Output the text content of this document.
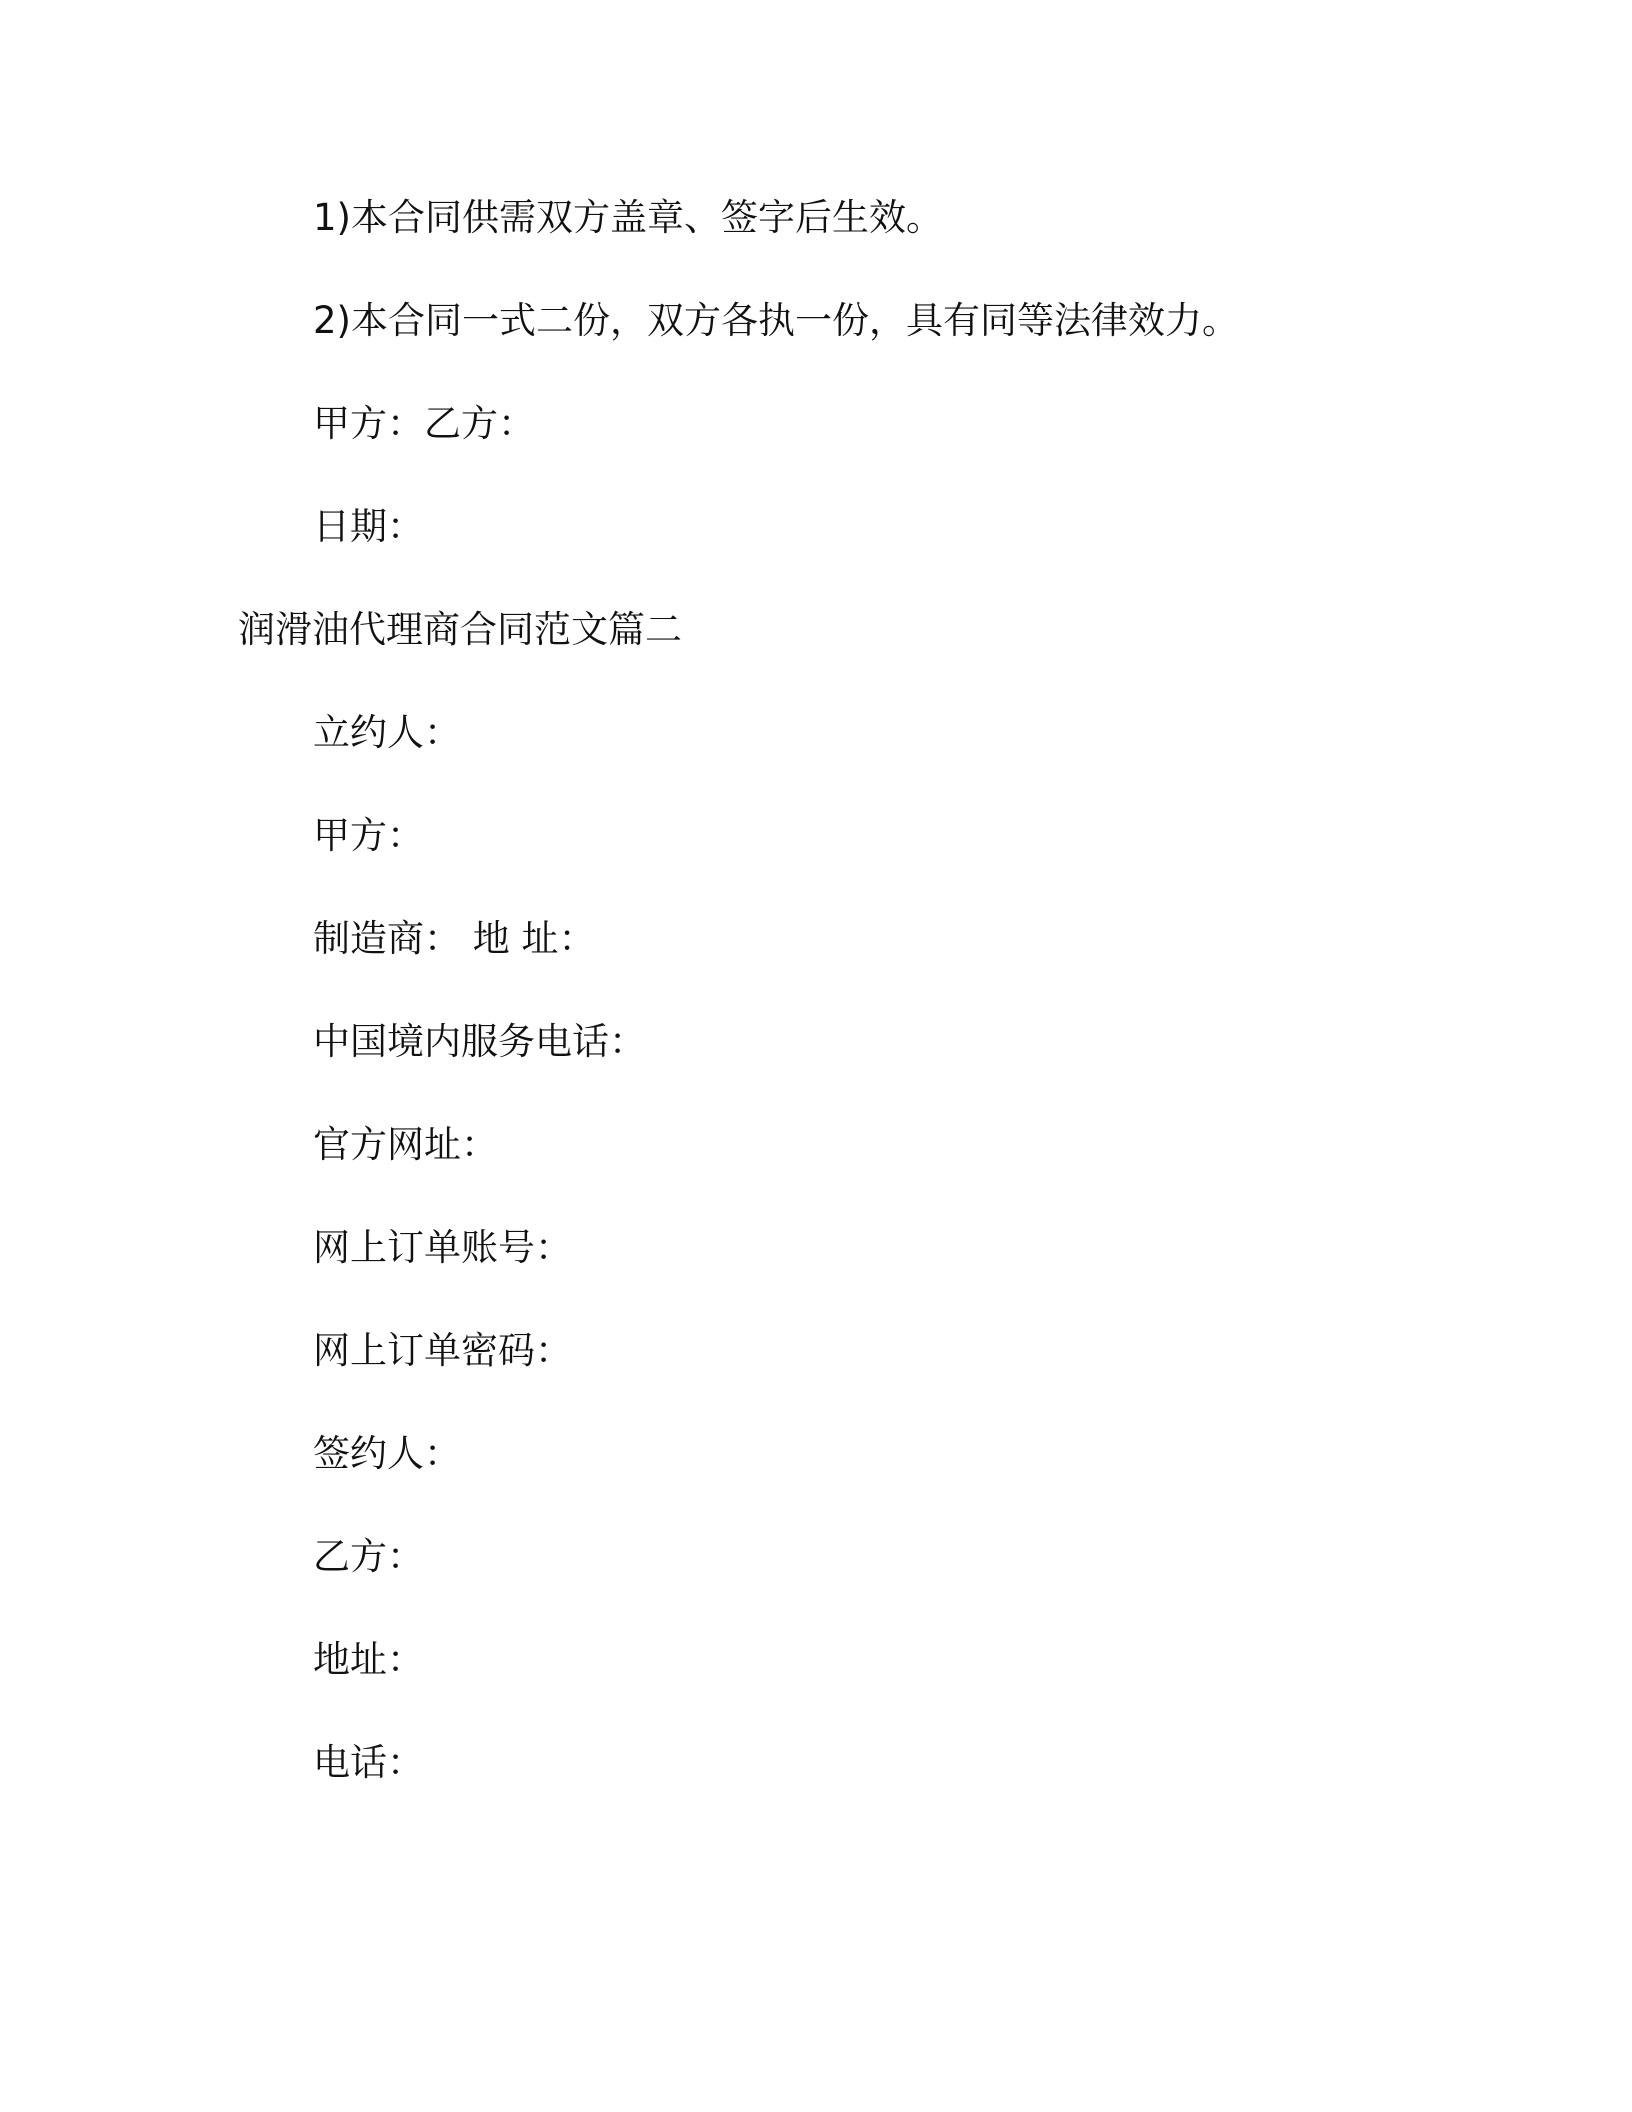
1)本合同供需双方盖章、签字后生效。
2)本合同一式二份，双方各执一份，具有同等法律效力。
甲方：乙方：
日期：
润滑油代理商合同范文篇二
立约人：
甲方：
制造商： 地 址：
中国境内服务电话：
官方网址：
网上订单账号：
网上订单密码：
签约人：
乙方：
地址：
电话：
